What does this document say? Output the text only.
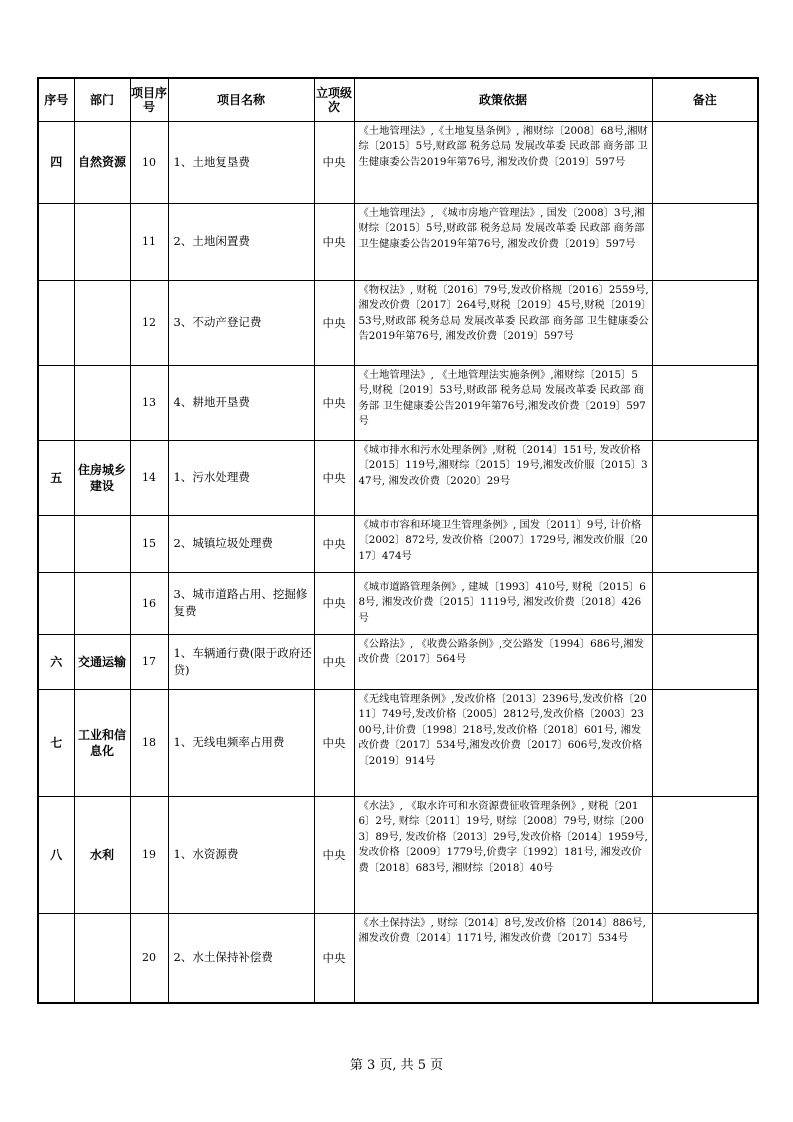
序号	部门	项目序号	项目名称	立项级次	政策依据	备注
四	自然资源	10	1、土地复垦费	中央	《土地管理法》,《土地复垦条例》, 湘财综〔2008〕68号,湘财综〔2015〕5号,财政部 税务总局 发展改革委 民政部 商务部 卫生健康委公告2019年第76号, 湘发改价费〔2019〕597号	
		11	2、土地闲置费	中央	《土地管理法》, 《城市房地产管理法》, 国发〔2008〕3号,湘财综〔2015〕5号,财政部 税务总局 发展改革委 民政部 商务部 卫生健康委公告2019年第76号, 湘发改价费〔2019〕597号	
		12	3、不动产登记费	中央	《物权法》, 财税〔2016〕79号,发改价格规〔2016〕2559号, 湘发改价费〔2017〕264号,财税〔2019〕45号,财税〔2019〕53号,财政部 税务总局 发展改革委 民政部 商务部 卫生健康委公告2019年第76号, 湘发改价费〔2019〕597号	
		13	4、耕地开垦费	中央	《土地管理法》, 《土地管理法实施条例》,湘财综〔2015〕5号,财税〔2019〕53号,财政部 税务总局 发展改革委 民政部 商务部 卫生健康委公告2019年第76号,湘发改价费〔2019〕597号	
五	住房城乡建设	14	1、污水处理费	中央	《城市排水和污水处理条例》,财税〔2014〕151号, 发改价格〔2015〕119号,湘财综〔2015〕19号,湘发改价服〔2015〕347号, 湘发改价费〔2020〕29号	
		15	2、城镇垃圾处理费	中央	《城市市容和环境卫生管理条例》, 国发〔2011〕9号, 计价格〔2002〕872号, 发改价格〔2007〕1729号, 湘发改价服〔2017〕474号	
		16	3、城市道路占用、挖掘修复费	中央	《城市道路管理条例》, 建城〔1993〕410号, 财税〔2015〕68号, 湘发改价费〔2015〕1119号, 湘发改价费〔2018〕426号	
六	交通运输	17	1、车辆通行费(限于政府还贷)	中央	《公路法》, 《收费公路条例》,交公路发〔1994〕686号,湘发改价费〔2017〕564号	
七	工业和信息化	18	1、无线电频率占用费	中央	《无线电管理条例》,发改价格〔2013〕2396号,发改价格〔2011〕749号,发改价格〔2005〕2812号,发改价格〔2003〕2300号,计价费〔1998〕218号,发改价格〔2018〕601号, 湘发改价费〔2017〕534号,湘发改价费〔2017〕606号,发改价格〔2019〕914号	
八	水利	19	1、水资源费	中央	《水法》, 《取水许可和水资源费征收管理条例》, 财税〔2016〕2号, 财综〔2011〕19号, 财综〔2008〕79号, 财综〔2003〕89号, 发改价格〔2013〕29号,发改价格〔2014〕1959号,发改价格〔2009〕1779号,价费字〔1992〕181号, 湘发改价费〔2018〕683号, 湘财综〔2018〕40号	
		20	2、水土保持补偿费	中央	《水土保持法》, 财综〔2014〕8号,发改价格〔2014〕886号, 湘发改价费〔2014〕1171号, 湘发改价费〔2017〕534号	
第 3 页, 共 5 页
